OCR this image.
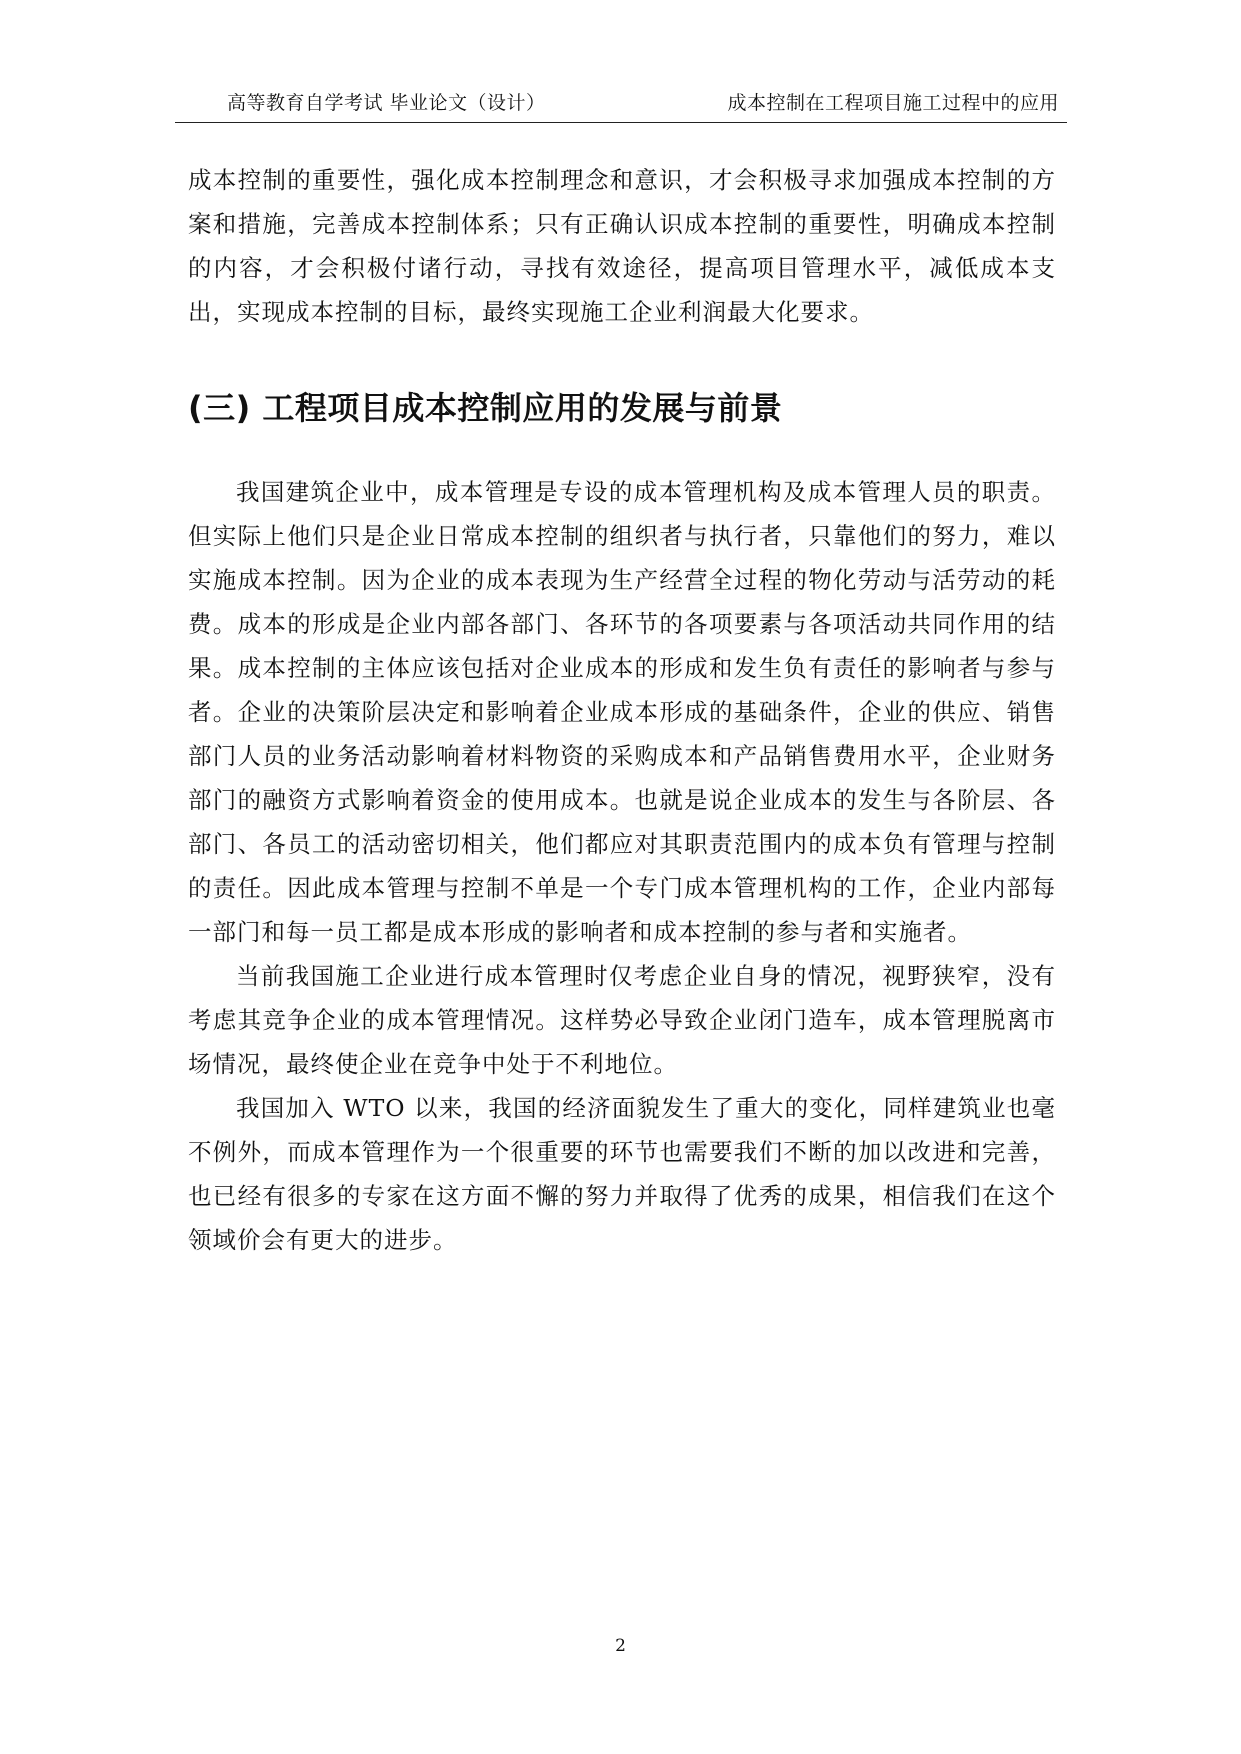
高等教育自学考试 毕业论文（设计）	成本控制在工程项目施工过程中的应用

成本控制的重要性，强化成本控制理念和意识，才会积极寻求加强成本控制的方案和措施，完善成本控制体系；只有正确认识成本控制的重要性，明确成本控制的内容，才会积极付诸行动，寻找有效途径，提高项目管理水平，减低成本支出，实现成本控制的目标，最终实现施工企业利润最大化要求。

(三) 工程项目成本控制应用的发展与前景

我国建筑企业中，成本管理是专设的成本管理机构及成本管理人员的职责。但实际上他们只是企业日常成本控制的组织者与执行者，只靠他们的努力，难以实施成本控制。因为企业的成本表现为生产经营全过程的物化劳动与活劳动的耗费。成本的形成是企业内部各部门、各环节的各项要素与各项活动共同作用的结果。成本控制的主体应该包括对企业成本的形成和发生负有责任的影响者与参与者。企业的决策阶层决定和影响着企业成本形成的基础条件，企业的供应、销售部门人员的业务活动影响着材料物资的采购成本和产品销售费用水平，企业财务部门的融资方式影响着资金的使用成本。也就是说企业成本的发生与各阶层、各部门、各员工的活动密切相关，他们都应对其职责范围内的成本负有管理与控制的责任。因此成本管理与控制不单是一个专门成本管理机构的工作，企业内部每一部门和每一员工都是成本形成的影响者和成本控制的参与者和实施者。

当前我国施工企业进行成本管理时仅考虑企业自身的情况，视野狭窄，没有考虑其竞争企业的成本管理情况。这样势必导致企业闭门造车，成本管理脱离市场情况，最终使企业在竞争中处于不利地位。

我国加入 WTO 以来，我国的经济面貌发生了重大的变化，同样建筑业也毫不例外，而成本管理作为一个很重要的环节也需要我们不断的加以改进和完善，也已经有很多的专家在这方面不懈的努力并取得了优秀的成果，相信我们在这个领域价会有更大的进步。

2
